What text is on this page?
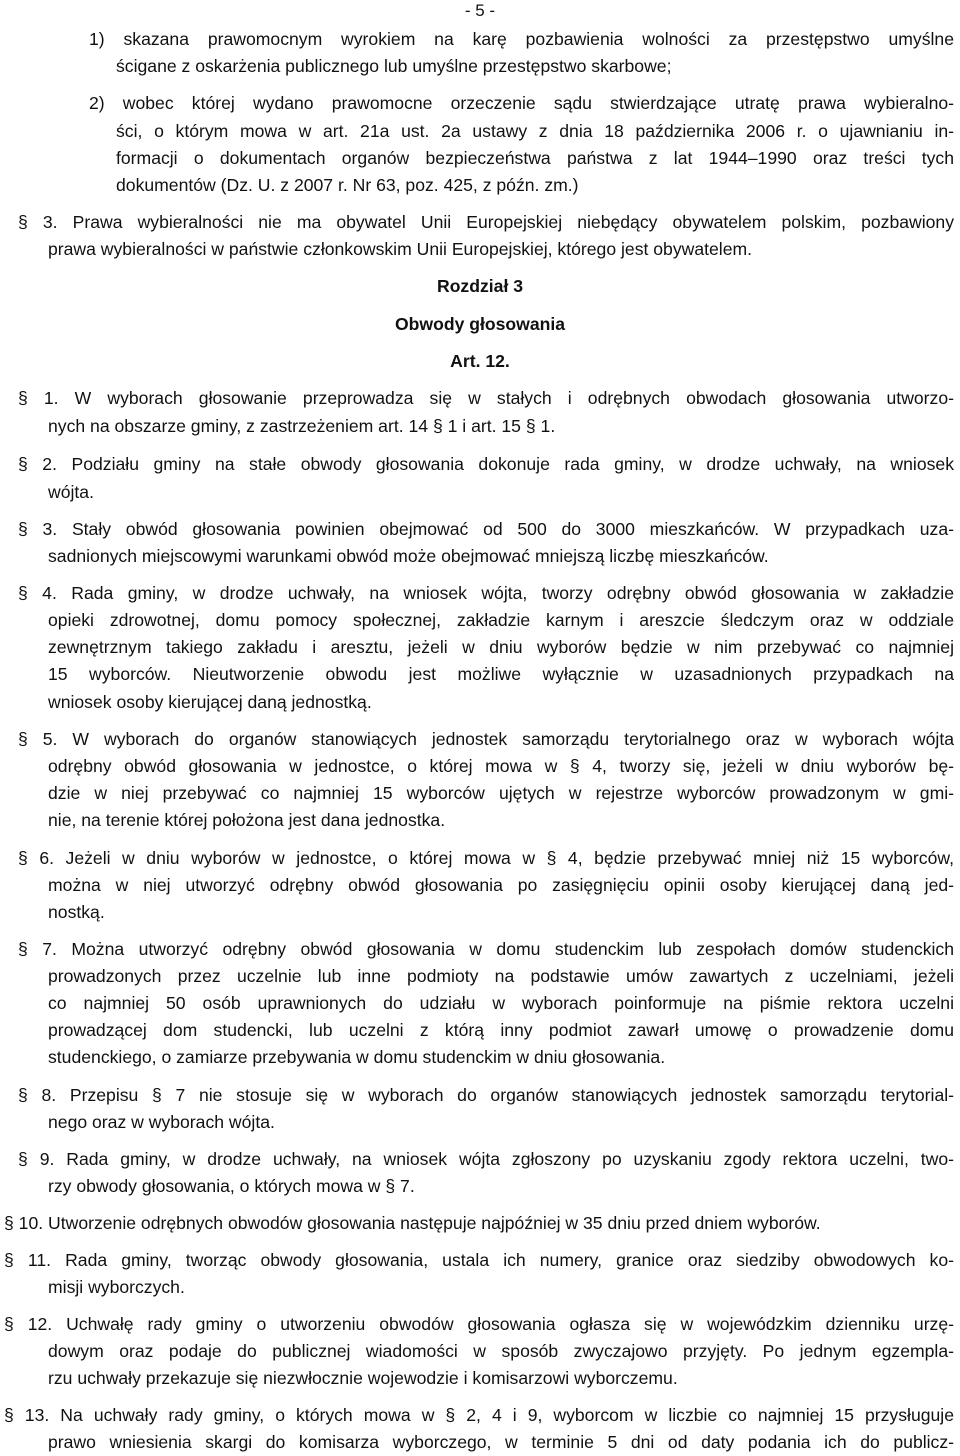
- 5 -
1) skazana prawomocnym wyrokiem na karę pozbawienia wolności za przestępstwo umyślne
ścigane z oskarżenia publicznego lub umyślne przestępstwo skarbowe;
2) wobec której wydano prawomocne orzeczenie sądu stwierdzające utratę prawa wybieralno-
ści, o którym mowa w art. 21a ust. 2a ustawy z dnia 18 października 2006 r. o ujawnianiu in-
formacji o dokumentach organów bezpieczeństwa państwa z lat 1944–1990 oraz treści tych
dokumentów (Dz. U. z 2007 r. Nr 63, poz. 425, z późn. zm.)
§ 3. Prawa wybieralności nie ma obywatel Unii Europejskiej niebędący obywatelem polskim, pozbawiony
prawa wybieralności w państwie członkowskim Unii Europejskiej, którego jest obywatelem.
Rozdział 3
Obwody głosowania
Art. 12.
§ 1. W wyborach głosowanie przeprowadza się w stałych i odrębnych obwodach głosowania utworzo-
nych na obszarze gminy, z zastrzeżeniem art. 14 § 1 i art. 15 § 1.
§ 2. Podziału gminy na stałe obwody głosowania dokonuje rada gminy, w drodze uchwały, na wniosek
wójta.
§ 3. Stały obwód głosowania powinien obejmować od 500 do 3000 mieszkańców. W przypadkach uza-
sadnionych miejscowymi warunkami obwód może obejmować mniejszą liczbę mieszkańców.
§ 4. Rada gminy, w drodze uchwały, na wniosek wójta, tworzy odrębny obwód głosowania w zakładzie
opieki zdrowotnej, domu pomocy społecznej, zakładzie karnym i areszcie śledczym oraz w oddziale
zewnętrznym takiego zakładu i aresztu, jeżeli w dniu wyborów będzie w nim przebywać co najmniej
15 wyborców. Nieutworzenie obwodu jest możliwe wyłącznie w uzasadnionych przypadkach na
wniosek osoby kierującej daną jednostką.
§ 5. W wyborach do organów stanowiących jednostek samorządu terytorialnego oraz w wyborach wójta
odrębny obwód głosowania w jednostce, o której mowa w § 4, tworzy się, jeżeli w dniu wyborów bę-
dzie w niej przebywać co najmniej 15 wyborców ujętych w rejestrze wyborców prowadzonym w gmi-
nie, na terenie której położona jest dana jednostka.
§ 6. Jeżeli w dniu wyborów w jednostce, o której mowa w § 4, będzie przebywać mniej niż 15 wyborców,
można w niej utworzyć odrębny obwód głosowania po zasięgnięciu opinii osoby kierującej daną jed-
nostką.
§ 7. Można utworzyć odrębny obwód głosowania w domu studenckim lub zespołach domów studenckich
prowadzonych przez uczelnie lub inne podmioty na podstawie umów zawartych z uczelniami, jeżeli
co najmniej 50 osób uprawnionych do udziału w wyborach poinformuje na piśmie rektora uczelni
prowadzącej dom studencki, lub uczelni z którą inny podmiot zawarł umowę o prowadzenie domu
studenckiego, o zamiarze przebywania w domu studenckim w dniu głosowania.
§ 8. Przepisu § 7 nie stosuje się w wyborach do organów stanowiących jednostek samorządu terytorial-
nego oraz w wyborach wójta.
§ 9. Rada gminy, w drodze uchwały, na wniosek wójta zgłoszony po uzyskaniu zgody rektora uczelni, two-
rzy obwody głosowania, o których mowa w § 7.
§ 10. Utworzenie odrębnych obwodów głosowania następuje najpóźniej w 35 dniu przed dniem wyborów.
§ 11. Rada gminy, tworząc obwody głosowania, ustala ich numery, granice oraz siedziby obwodowych ko-
misji wyborczych.
§ 12. Uchwałę rady gminy o utworzeniu obwodów głosowania ogłasza się w wojewódzkim dzienniku urzę-
dowym oraz podaje do publicznej wiadomości w sposób zwyczajowo przyjęty. Po jednym egzempla-
rzu uchwały przekazuje się niezwłocznie wojewodzie i komisarzowi wyborczemu.
§ 13. Na uchwały rady gminy, o których mowa w § 2, 4 i 9, wyborcom w liczbie co najmniej 15 przysługuje
prawo wniesienia skargi do komisarza wyborczego, w terminie 5 dni od daty podania ich do publicz-
